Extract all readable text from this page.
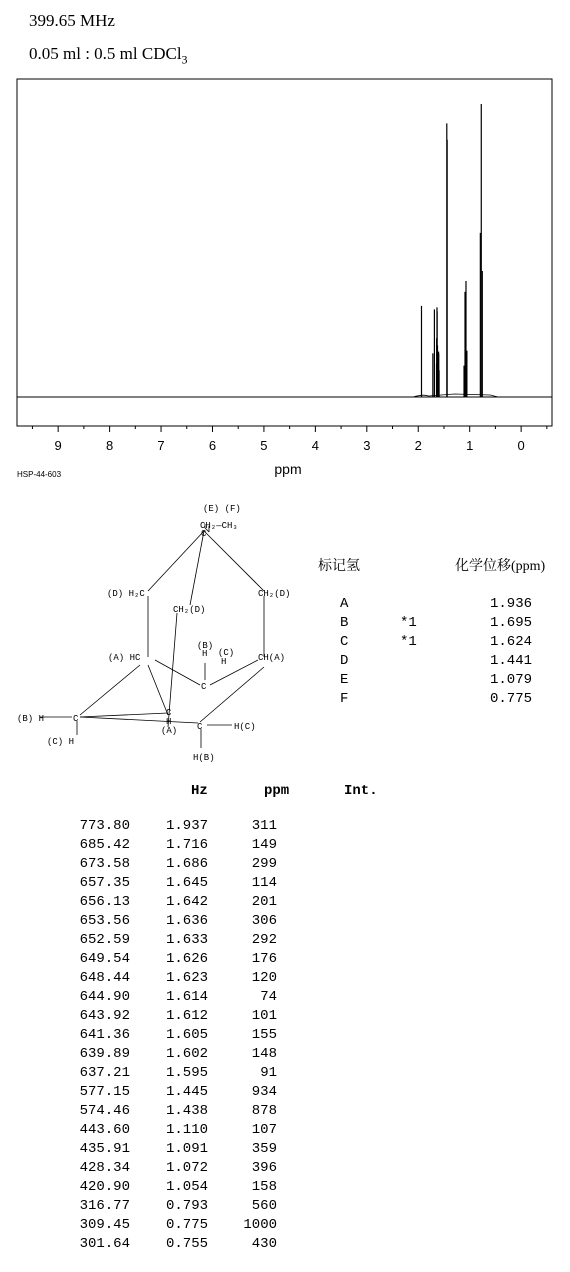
399.65 MHz
0.05 ml : 0.5 ml CDCl$_3$
9	8	7	6	5	4	3	2	1	0
ppm
HSP-44-603
(E) (F)
CH₂—CH₃
C
(D) H₂C	CH₂(D)
CH₂(D)
(B)
H (C)
H
(A) HC	CH(A)
C
(B) H	C
(C) H
C
H
(A) C	H(C)
H(B)
标记氢	化学位移(ppm)
A	1.936
B	*1	1.695
C	*1	1.624
D	1.441
E	1.079
F	0.775
Hz	ppm	Int.
773.80	1.937	311
685.42	1.716	149
673.58	1.686	299
657.35	1.645	114
656.13	1.642	201
653.56	1.636	306
652.59	1.633	292
649.54	1.626	176
648.44	1.623	120
644.90	1.614	74
643.92	1.612	101
641.36	1.605	155
639.89	1.602	148
637.21	1.595	91
577.15	1.445	934
574.46	1.438	878
443.60	1.110	107
435.91	1.091	359
428.34	1.072	396
420.90	1.054	158
316.77	0.793	560
309.45	0.775	1000
301.64	0.755	430
